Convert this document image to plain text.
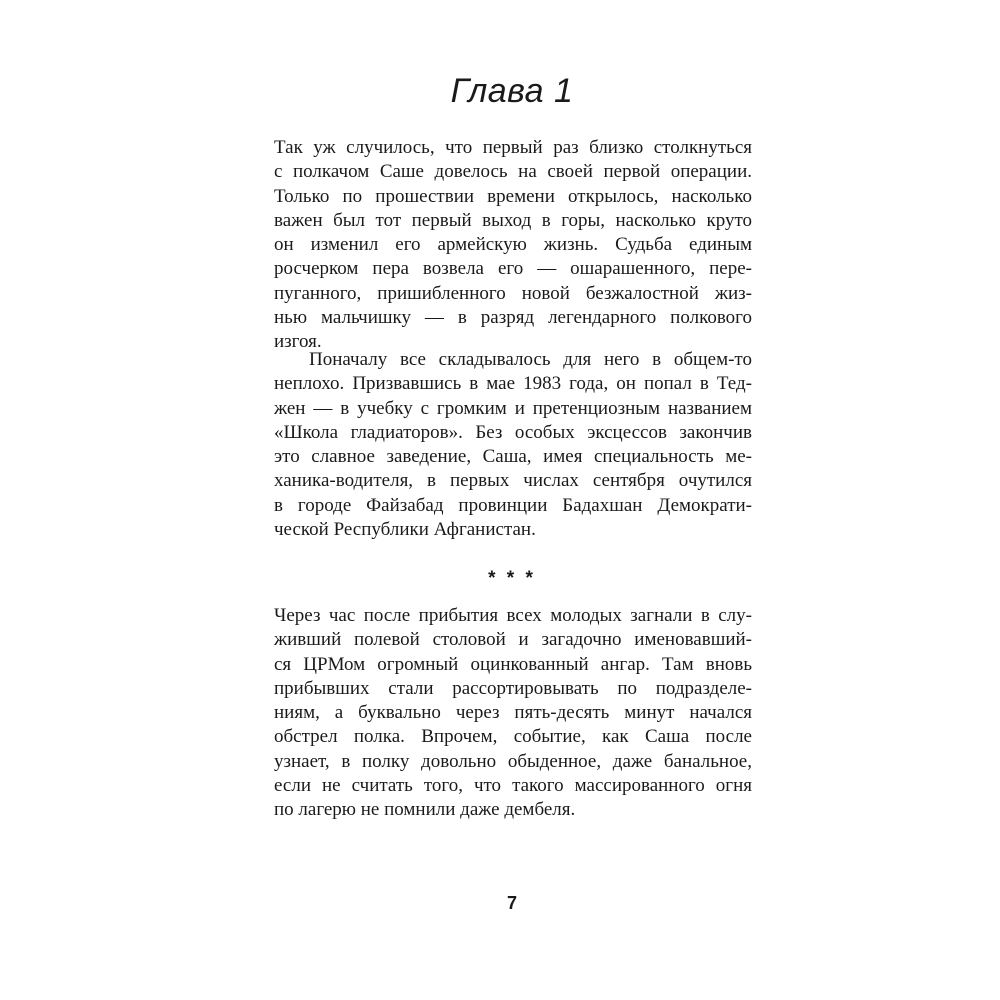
Глава 1
Так уж случилось, что первый раз близко столкнуться
с полкачом Саше довелось на своей первой операции.
Только по прошествии времени открылось, насколько
важен был тот первый выход в горы, насколько круто
он изменил его армейскую жизнь. Судьба единым
росчерком пера возвела его — ошарашенного, пере-
пуганного, пришибленного новой безжалостной жиз-
нью мальчишку — в разряд легендарного полкового
изгоя.
Поначалу все складывалось для него в общем-то
неплохо. Призвавшись в мае 1983 года, он попал в Тед-
жен — в учебку с громким и претенциозным названием
«Школа гладиаторов». Без особых эксцессов закончив
это славное заведение, Саша, имея специальность ме-
ханика-водителя, в первых числах сентября очутился
в городе Файзабад провинции Бадахшан Демократи-
ческой Республики Афганистан.
* * *
Через час после прибытия всех молодых загнали в слу-
живший полевой столовой и загадочно именовавший-
ся ЦРМом огромный оцинкованный ангар. Там вновь
прибывших стали рассортировывать по подразделе-
ниям, а буквально через пять-десять минут начался
обстрел полка. Впрочем, событие, как Саша после
узнает, в полку довольно обыденное, даже банальное,
если не считать того, что такого массированного огня
по лагерю не помнили даже дембеля.
7
